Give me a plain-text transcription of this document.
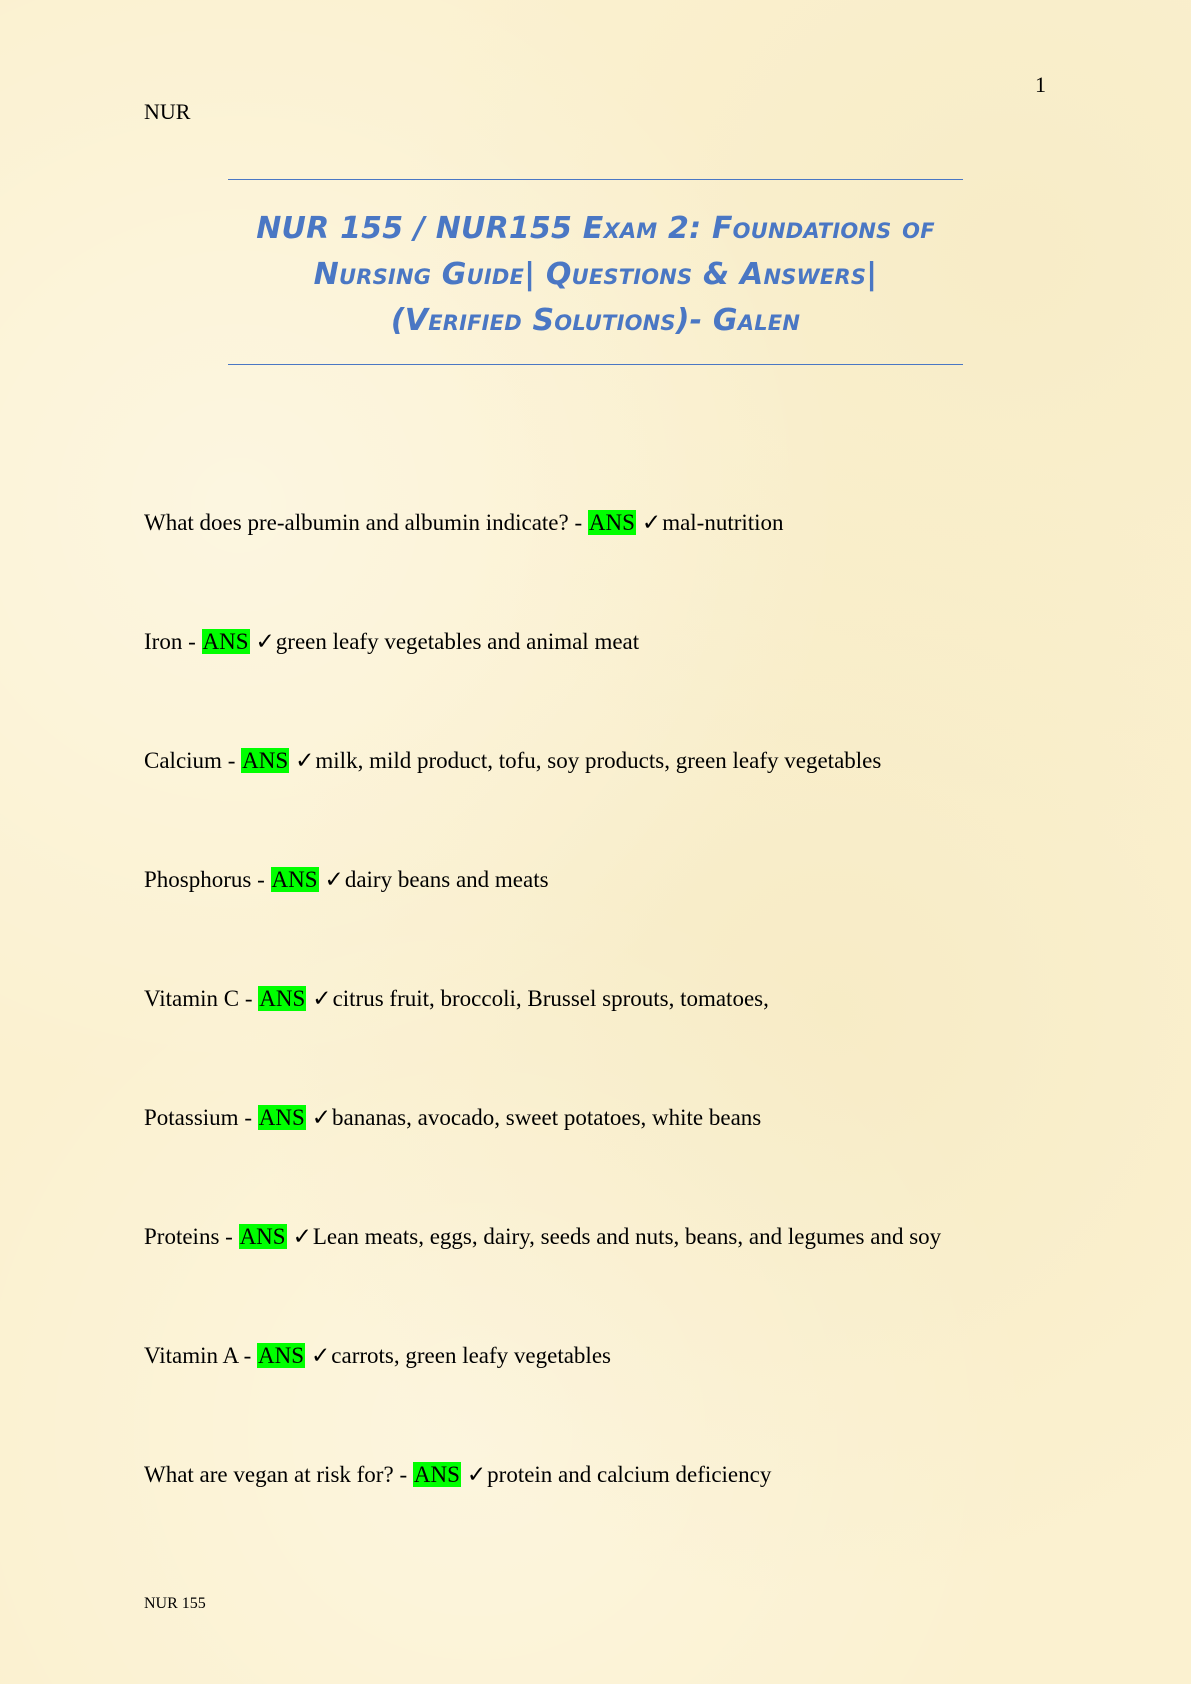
1
NUR
NUR 155 / NUR155 Exam 2: Foundations of
Nursing Guide| Questions & Answers|
(Verified Solutions)- Galen
What does pre-albumin and albumin indicate? - ANS ✓mal-nutrition
Iron - ANS ✓green leafy vegetables and animal meat
Calcium - ANS ✓milk, mild product, tofu, soy products, green leafy vegetables
Phosphorus - ANS ✓dairy beans and meats
Vitamin C - ANS ✓citrus fruit, broccoli, Brussel sprouts, tomatoes,
Potassium - ANS ✓bananas, avocado, sweet potatoes, white beans
Proteins - ANS ✓Lean meats, eggs, dairy, seeds and nuts, beans, and legumes and soy
Vitamin A - ANS ✓carrots, green leafy vegetables
What are vegan at risk for? - ANS ✓protein and calcium deficiency
NUR 155
